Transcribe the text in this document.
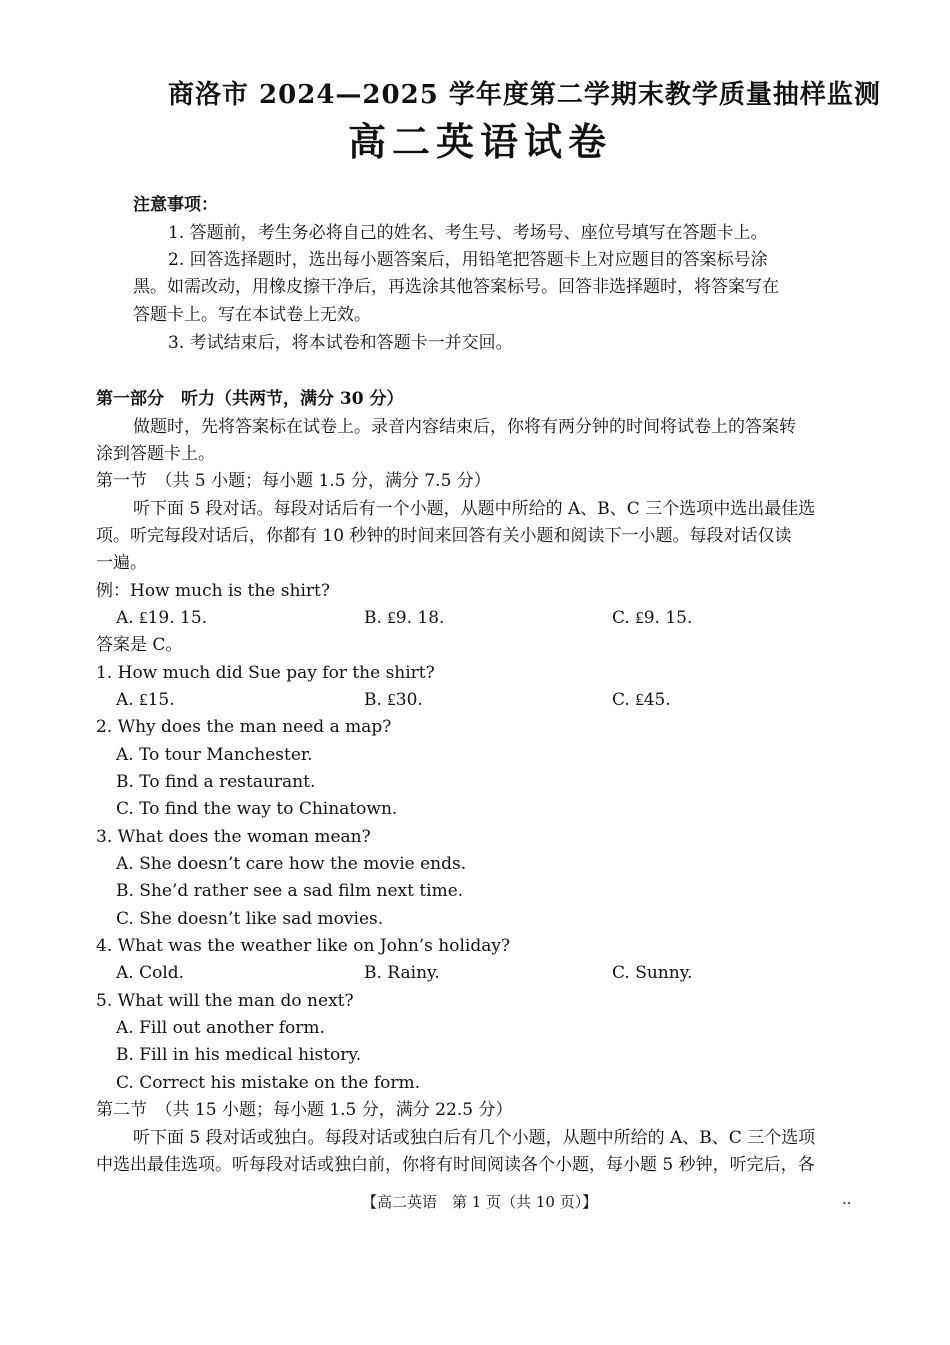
商洛市 2024—2025 学年度第二学期末教学质量抽样监测
高二英语试卷
注意事项：
1. 答题前，考生务必将自己的姓名、考生号、考场号、座位号填写在答题卡上。
2. 回答选择题时，选出每小题答案后，用铅笔把答题卡上对应题目的答案标号涂
黑。如需改动，用橡皮擦干净后，再选涂其他答案标号。回答非选择题时，将答案写在
答题卡上。写在本试卷上无效。
3. 考试结束后，将本试卷和答题卡一并交回。
第一部分　听力（共两节，满分 30 分）
做题时，先将答案标在试卷上。录音内容结束后，你将有两分钟的时间将试卷上的答案转
涂到答题卡上。
第一节　（共 5 小题；每小题 1.5 分，满分 7.5 分）
听下面 5 段对话。每段对话后有一个小题，从题中所给的 A、B、C 三个选项中选出最佳选
项。听完每段对话后，你都有 10 秒钟的时间来回答有关小题和阅读下一小题。每段对话仅读
一遍。
例：How much is the shirt?
A. ₤19. 15.	B. ₤9. 18.	C. ₤9. 15.
答案是 C。
1. How much did Sue pay for the shirt?
A. ₤15.	B. ₤30.	C. ₤45.
2. Why does the man need a map?
A. To tour Manchester.
B. To find a restaurant.
C. To find the way to Chinatown.
3. What does the woman mean?
A. She doesn’t care how the movie ends.
B. She’d rather see a sad film next time.
C. She doesn’t like sad movies.
4. What was the weather like on John’s holiday?
A. Cold.	B. Rainy.	C. Sunny.
5. What will the man do next?
A. Fill out another form.
B. Fill in his medical history.
C. Correct his mistake on the form.
第二节　（共 15 小题；每小题 1.5 分，满分 22.5 分）
听下面 5 段对话或独白。每段对话或独白后有几个小题，从题中所给的 A、B、C 三个选项
中选出最佳选项。听每段对话或独白前，你将有时间阅读各个小题，每小题 5 秒钟，听完后，各
【高二英语　第 1 页（共 10 页）】	··
